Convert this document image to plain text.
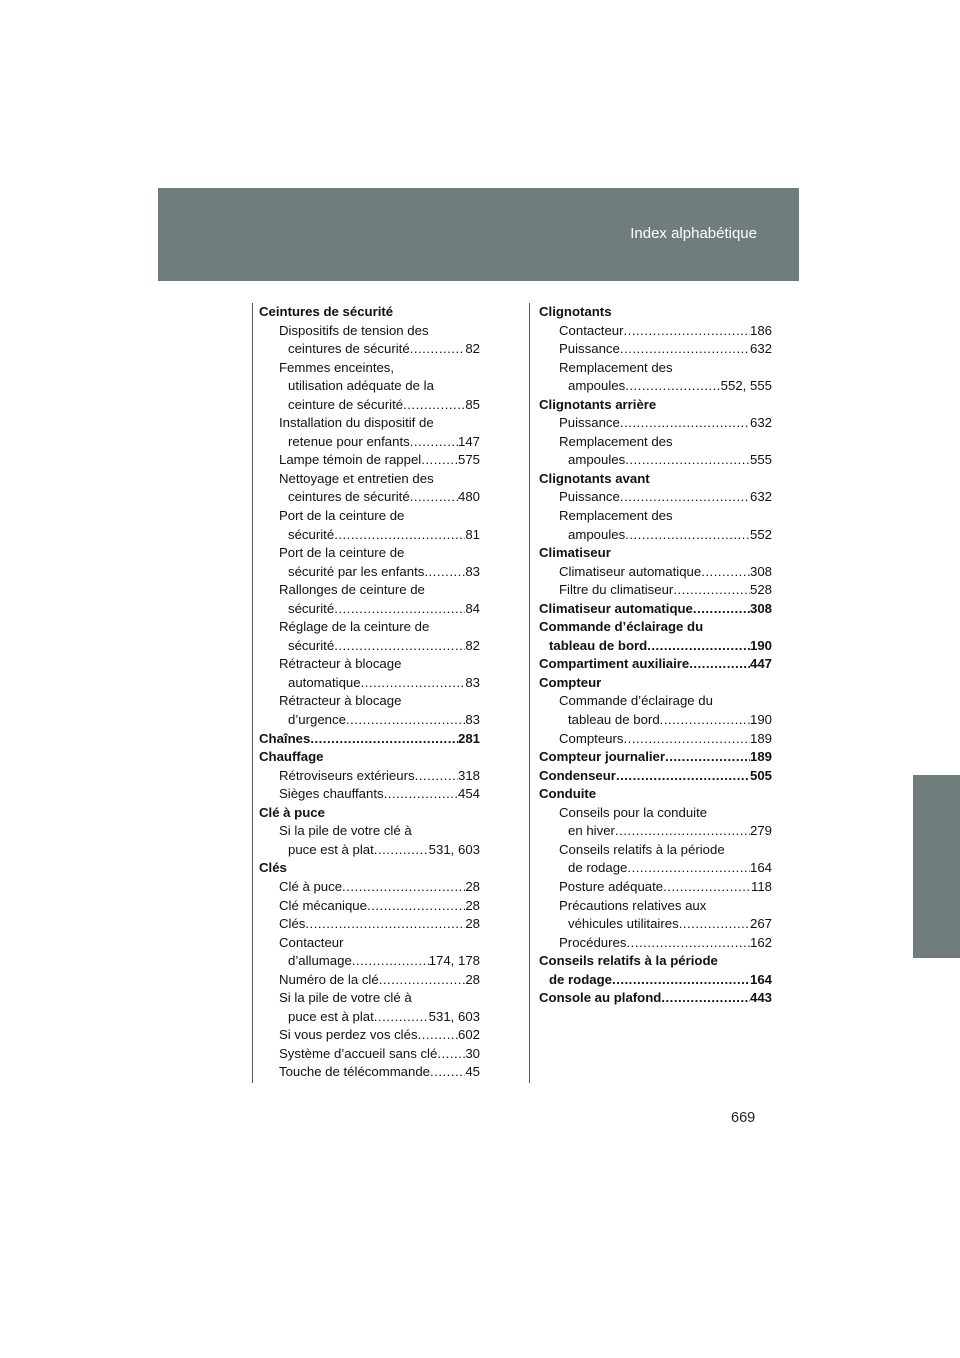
Index alphabétique
Ceintures de sécurité
Dispositifs de tension des
ceintures de sécurité .....	82
Femmes enceintes,
utilisation adéquate de la
ceinture de sécurité .....	85
Installation du dispositif de
retenue pour enfants .....	147
Lampe témoin de rappel .....	575
Nettoyage et entretien des
ceintures de sécurité .....	480
Port de la ceinture de
sécurité .....	81
Port de la ceinture de
sécurité par les enfants .....	83
Rallonges de ceinture de
sécurité .....	84
Réglage de la ceinture de
sécurité .....	82
Rétracteur à blocage
automatique .....	83
Rétracteur à blocage
d’urgence .....	83
Chaînes .....	281
Chauffage
Rétroviseurs extérieurs .....	318
Sièges chauffants .....	454
Clé à puce
Si la pile de votre clé à
puce est à plat .....	531, 603
Clés
Clé à puce .....	28
Clé mécanique .....	28
Clés .....	28
Contacteur
d’allumage .....	174, 178
Numéro de la clé .....	28
Si la pile de votre clé à
puce est à plat .....	531, 603
Si vous perdez vos clés .....	602
Système d’accueil sans clé ..... 30
Touche de télécommande .....	45
Clignotants
Contacteur .....	186
Puissance .....	632
Remplacement des
ampoules .....	552, 555
Clignotants arrière
Puissance .....	632
Remplacement des
ampoules .....	555
Clignotants avant
Puissance .....	632
Remplacement des
ampoules .....	552
Climatiseur
Climatiseur automatique .....	308
Filtre du climatiseur .....	528
Climatiseur automatique .....	308
Commande d’éclairage du
tableau de bord .....	190
Compartiment auxiliaire .....	447
Compteur
Commande d’éclairage du
tableau de bord .....	190
Compteurs .....	189
Compteur journalier .....	189
Condenseur .....	505
Conduite
Conseils pour la conduite
en hiver .....	279
Conseils relatifs à la période
de rodage .....	164
Posture adéquate .....	118
Précautions relatives aux
véhicules utilitaires .....	267
Procédures .....	162
Conseils relatifs à la période
de rodage .....	164
Console au plafond .....	443
669
